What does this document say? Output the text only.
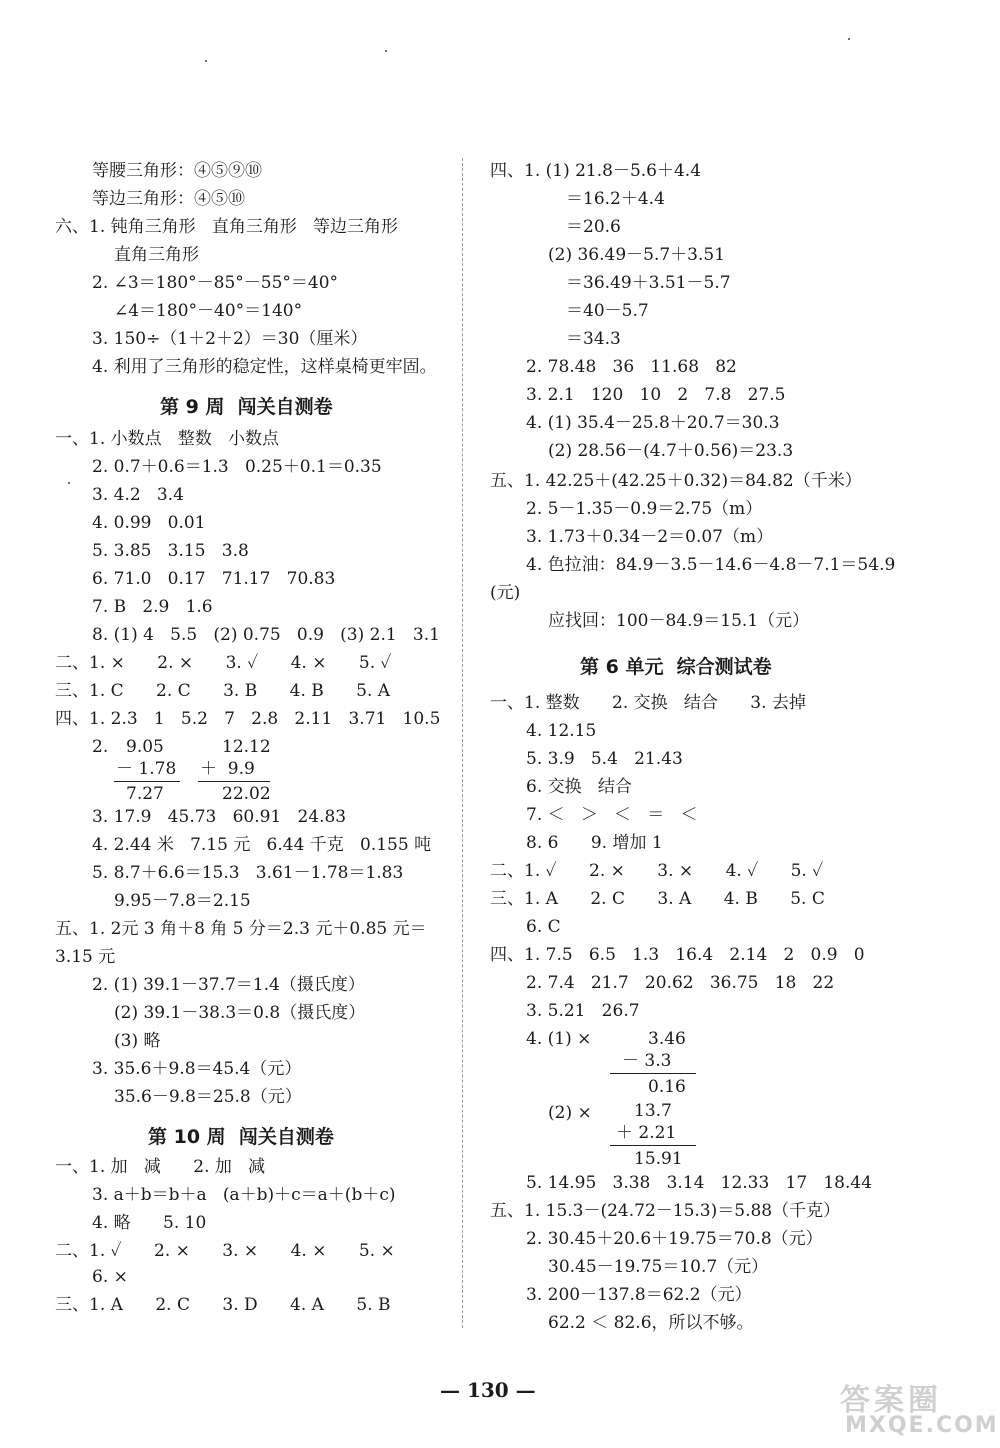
等腰三角形：④⑤⑨⑩
等边三角形：④⑤⑩
六、1. 钝角三角形   直角三角形   等边三角形
直角三角形
2. ∠3＝180°－85°－55°＝40°
∠4＝180°－40°＝140°
3. 150÷（1＋2＋2）＝30（厘米）
4. 利用了三角形的稳定性，这样桌椅更牢固。
第 9 周  闯关自测卷
一、1. 小数点   整数   小数点
2. 0.7＋0.6＝1.3   0.25＋0.1＝0.35
3. 4.2   3.4
4. 0.99   0.01
5. 3.85   3.15   3.8
6. 71.0   0.17   71.17   70.83
7. B   2.9   1.6
8. (1) 4   5.5   (2) 0.75   0.9   (3) 2.1   3.1
二、1. ×      2. ×      3. ✓      4. ×      5. ✓
三、1. C      2. C      3. B      4. B      5. A
四、1. 2.3   1   5.2   7   2.8   2.11   3.71   10.5
2. 9.05
－ 1.78
7.27
12.12
＋  9.9
22.02
3. 17.9   45.73   60.91   24.83
4. 2.44 米   7.15 元   6.44 千克   0.155 吨
5. 8.7＋6.6＝15.3   3.61－1.78＝1.83
9.95－7.8＝2.15
五、1. 2元 3 角＋8 角 5 分＝2.3 元＋0.85 元＝
3.15 元
2. (1) 39.1－37.7＝1.4（摄氏度）
(2) 39.1－38.3＝0.8（摄氏度）
(3) 略
3. 35.6＋9.8＝45.4（元）
35.6－9.8＝25.8（元）
第 10 周  闯关自测卷
一、1. 加   减      2. 加   减
3. a＋b＝b＋a   (a＋b)＋c＝a＋(b＋c)
4. 略      5. 10
二、1. ✓      2. ×      3. ×      4. ×      5. ×
6. ×
三、1. A      2. C      3. D      4. A      5. B
四、1. (1) 21.8－5.6＋4.4
＝16.2＋4.4
＝20.6
(2) 36.49－5.7＋3.51
＝36.49＋3.51－5.7
＝40－5.7
＝34.3
2. 78.48   36   11.68   82
3. 2.1   120   10   2   7.8   27.5
4. (1) 35.4－25.8＋20.7＝30.3
(2) 28.56－(4.7＋0.56)＝23.3
五、1. 42.25＋(42.25＋0.32)＝84.82（千米）
2. 5－1.35－0.9＝2.75（m）
3. 1.73＋0.34－2＝0.07（m）
4. 色拉油：84.9－3.5－14.6－4.8－7.1＝54.9
(元)
应找回：100－84.9＝15.1（元）
第 6 单元  综合测试卷
一、1. 整数      2. 交换   结合      3. 去掉
4. 12.15
5. 3.9   5.4   21.43
6. 交换   结合
7. ＜   ＞   ＜   ＝   ＜
8. 6      9. 增加 1
二、1. ✓      2. ×      3. ×      4. ✓      5. ✓
三、1. A      2. C      3. A      4. B      5. C
6. C
四、1. 7.5   6.5   1.3   16.4   2.14   2   0.9   0
2. 7.4   21.7   20.62   36.75   18   22
3. 5.21   26.7
4. (1) ×	3.46
－ 3.3
0.16
(2) × 13.7
＋ 2.21
15.91
5. 14.95   3.38   3.14   12.33   17   18.44
五、1. 15.3－(24.72－15.3)＝5.88（千克）
2. 30.45＋20.6＋19.75＝70.8（元）
30.45－19.75＝10.7（元）
3. 200－137.8＝62.2（元）
62.2 ＜ 82.6，所以不够。
— 130 —	答案圈
MXQE.COM
